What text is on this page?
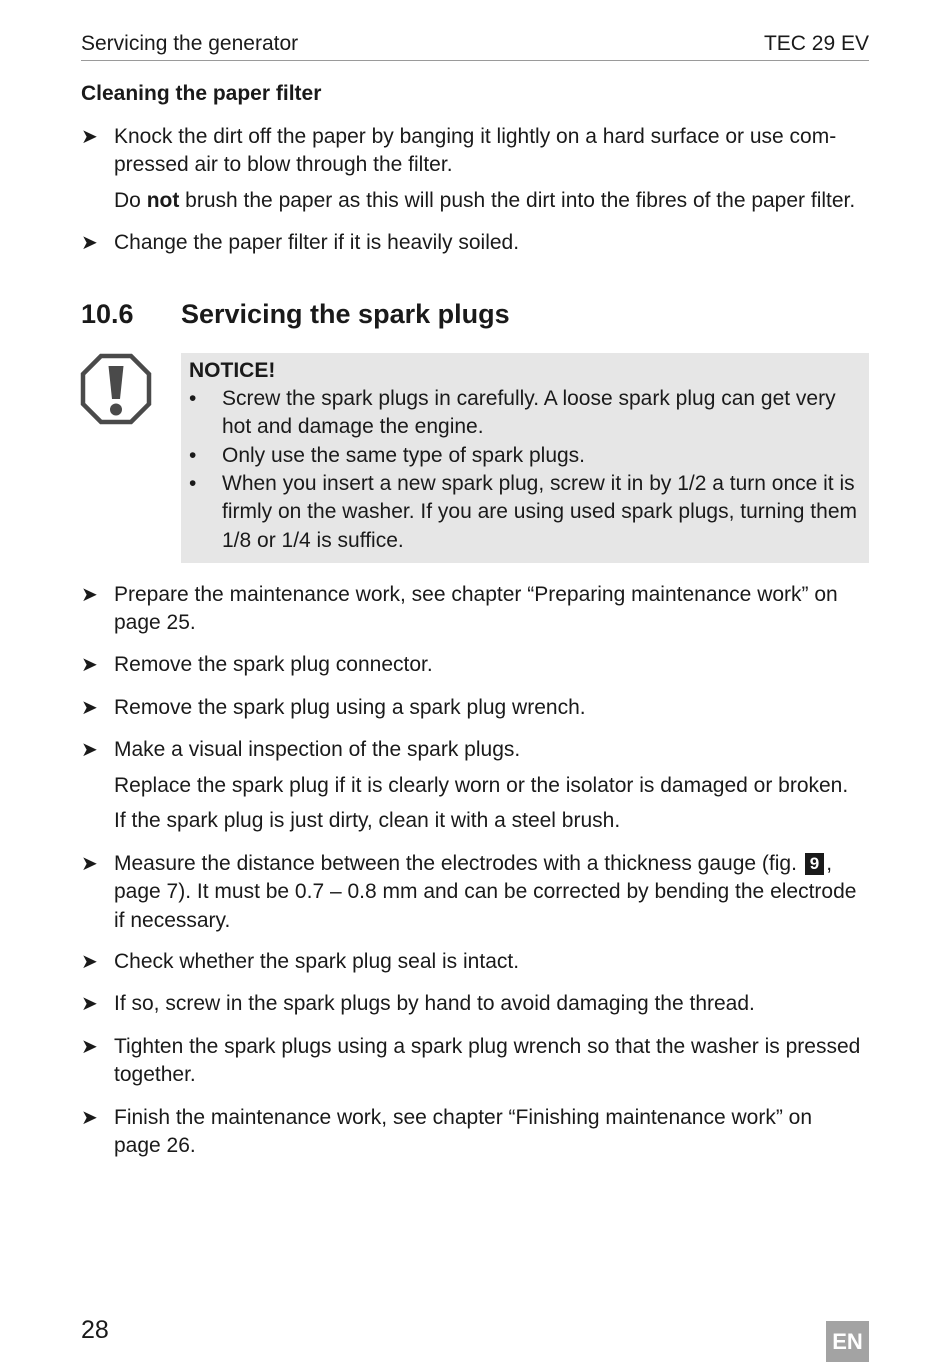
Servicing the generator	TEC 29 EV
Cleaning the paper filter
➤ Knock the dirt off the paper by banging it lightly on a hard surface or use com-
pressed air to blow through the filter.
Do not brush the paper as this will push the dirt into the fibres of the paper filter.
➤ Change the paper filter if it is heavily soiled.
10.6 Servicing the spark plugs
NOTICE!
• Screw the spark plugs in carefully. A loose spark plug can get very
hot and damage the engine.
• Only use the same type of spark plugs.
• When you insert a new spark plug, screw it in by 1/2 a turn once it is
firmly on the washer. If you are using used spark plugs, turning them
1/8 or 1/4 is suffice.
➤ Prepare the maintenance work, see chapter “Preparing maintenance work” on
page 25.
➤ Remove the spark plug connector.
➤ Remove the spark plug using a spark plug wrench.
➤ Make a visual inspection of the spark plugs.
Replace the spark plug if it is clearly worn or the isolator is damaged or broken.
If the spark plug is just dirty, clean it with a steel brush.
➤ Measure the distance between the electrodes with a thickness gauge (fig. 9 ,
page 7). It must be 0.7 – 0.8 mm and can be corrected by bending the electrode
if necessary.
➤ Check whether the spark plug seal is intact.
➤ If so, screw in the spark plugs by hand to avoid damaging the thread.
➤ Tighten the spark plugs using a spark plug wrench so that the washer is pressed
together.
➤ Finish the maintenance work, see chapter “Finishing maintenance work” on
page 26.
28	EN
